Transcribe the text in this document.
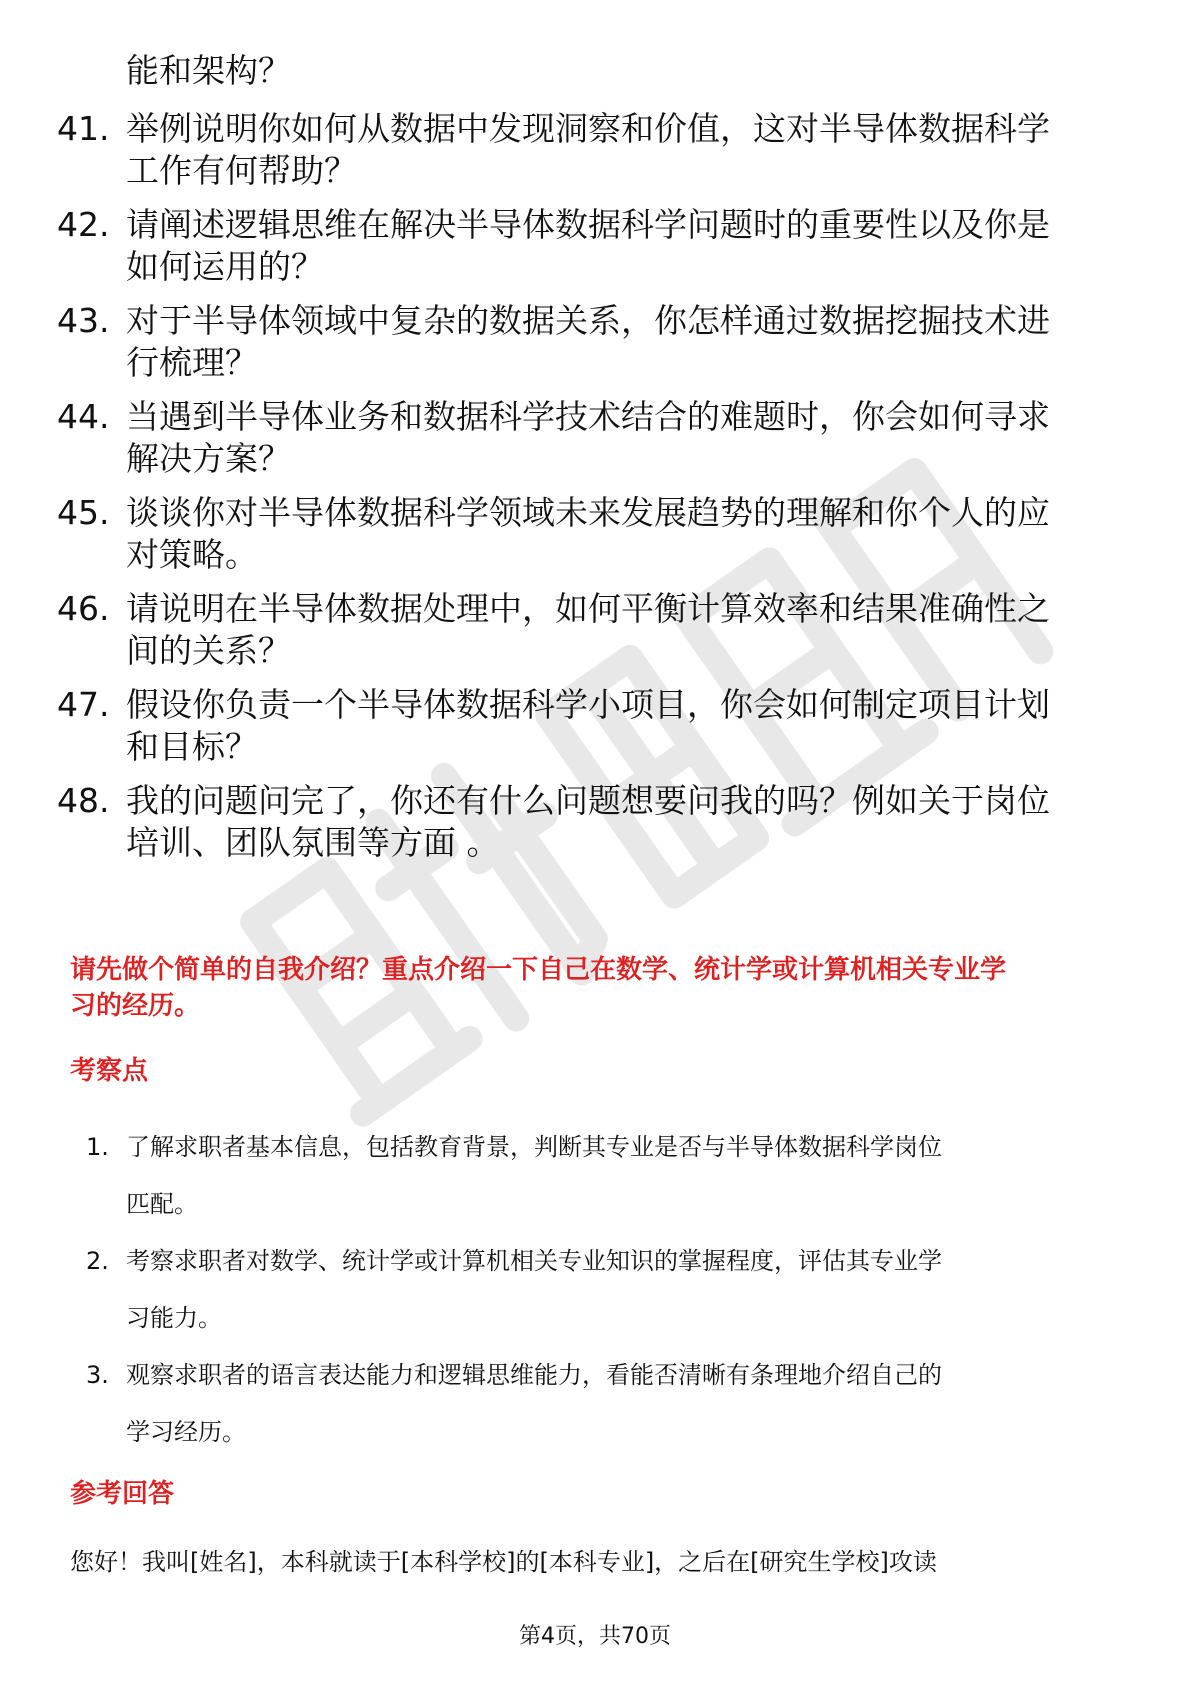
能和架构？
41. 举例说明你如何从数据中发现洞察和价值，这对半导体数据科学
工作有何帮助？
42. 请阐述逻辑思维在解决半导体数据科学问题时的重要性以及你是
如何运用的？
43. 对于半导体领域中复杂的数据关系，你怎样通过数据挖掘技术进
行梳理？
44. 当遇到半导体业务和数据科学技术结合的难题时，你会如何寻求
解决方案？
45. 谈谈你对半导体数据科学领域未来发展趋势的理解和你个人的应
对策略。
46. 请说明在半导体数据处理中，如何平衡计算效率和结果准确性之
间的关系？
47. 假设你负责一个半导体数据科学小项目，你会如何制定项目计划
和目标？
48. 我的问题问完了，你还有什么问题想要问我的吗？例如关于岗位
培训、团队氛围等方面 。
请先做个简单的自我介绍？重点介绍一下自己在数学、统计学或计算机相关专业学
习的经历。
考察点
1. 了解求职者基本信息，包括教育背景，判断其专业是否与半导体数据科学岗位
匹配。
2. 考察求职者对数学、统计学或计算机相关专业知识的掌握程度，评估其专业学
习能力。
3. 观察求职者的语言表达能力和逻辑思维能力，看能否清晰有条理地介绍自己的
学习经历。
参考回答
您好！我叫[姓名]，本科就读于[本科学校]的[本科专业]，之后在[研究生学校]攻读
第4页，共70页
